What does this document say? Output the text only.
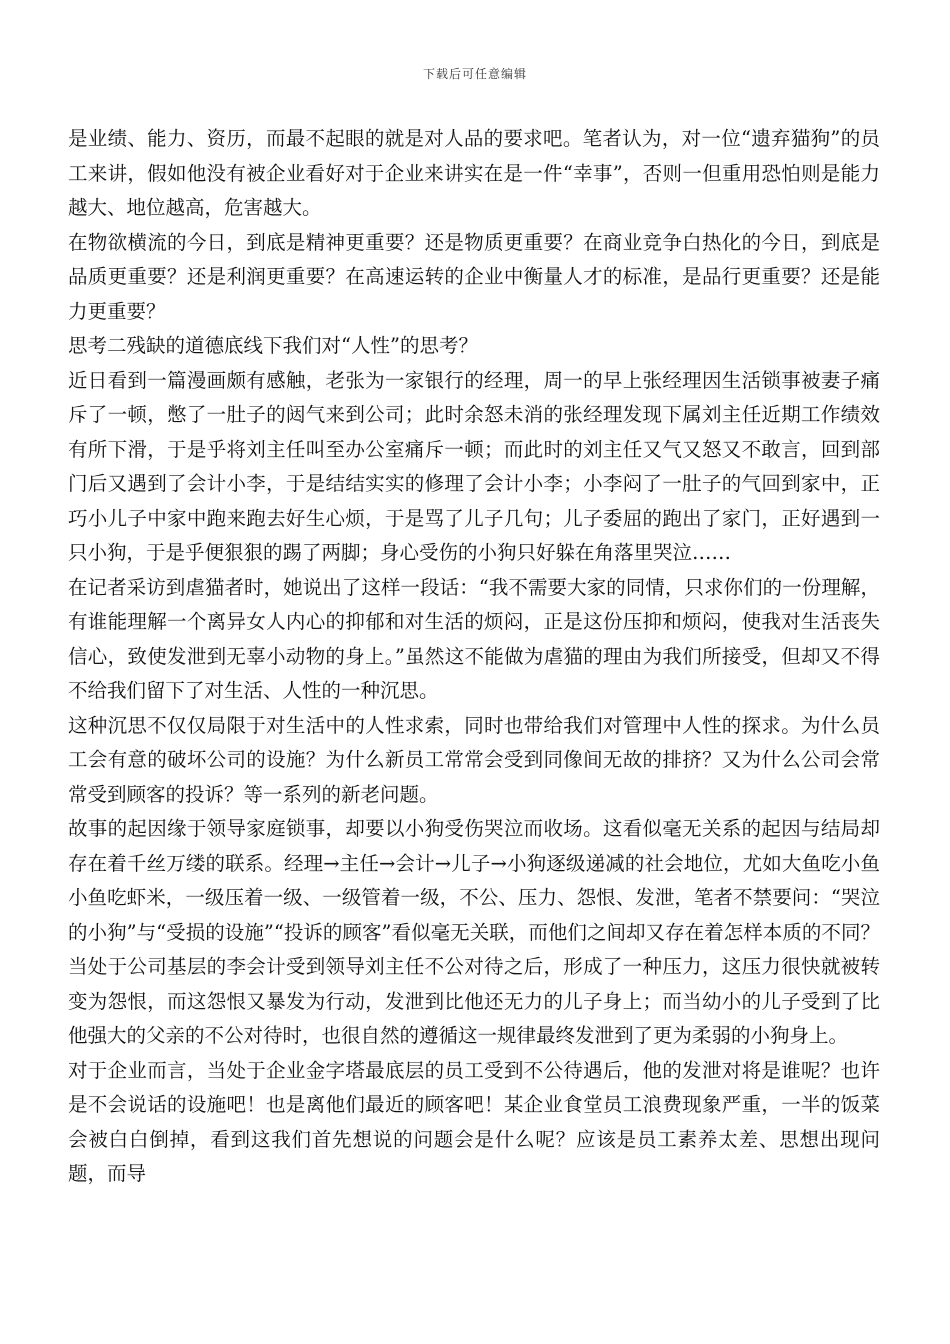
下载后可任意编辑

是业绩、能力、资历，而最不起眼的就是对人品的要求吧。笔者认为，对一位“遗弃猫狗”的员工来讲，假如他没有被企业看好对于企业来讲实在是一件“幸事”，否则一但重用恐怕则是能力越大、地位越高，危害越大。

在物欲横流的今日，到底是精神更重要？还是物质更重要？在商业竞争白热化的今日，到底是品质更重要？还是利润更重要？在高速运转的企业中衡量人才的标准，是品行更重要？还是能力更重要？

思考二残缺的道德底线下我们对“人性”的思考？

近日看到一篇漫画颇有感触，老张为一家银行的经理，周一的早上张经理因生活锁事被妻子痛斥了一顿，憋了一肚子的闼气来到公司；此时余怒未消的张经理发现下属刘主任近期工作绩效有所下滑，于是乎将刘主任叫至办公室痛斥一顿；而此时的刘主任又气又怒又不敢言，回到部门后又遇到了会计小李，于是结结实实的修理了会计小李；小李闷了一肚子的气回到家中，正巧小儿子中家中跑来跑去好生心烦，于是骂了儿子几句；儿子委屈的跑出了家门，正好遇到一只小狗，于是乎便狠狠的踢了两脚；身心受伤的小狗只好躲在角落里哭泣……

在记者采访到虐猫者时，她说出了这样一段话：“我不需要大家的同情，只求你们的一份理解，有谁能理解一个离异女人内心的抑郁和对生活的烦闷，正是这份压抑和烦闷，使我对生活丧失信心，致使发泄到无辜小动物的身上。”虽然这不能做为虐猫的理由为我们所接受，但却又不得不给我们留下了对生活、人性的一种沉思。

这种沉思不仅仅局限于对生活中的人性求索，同时也带给我们对管理中人性的探求。为什么员工会有意的破坏公司的设施？为什么新员工常常会受到同像间无故的排挤？又为什么公司会常常受到顾客的投诉？等一系列的新老问题。

故事的起因缘于领导家庭锁事，却要以小狗受伤哭泣而收场。这看似毫无关系的起因与结局却存在着千丝万缕的联系。经理→主任→会计→儿子→小狗逐级递减的社会地位，尤如大鱼吃小鱼小鱼吃虾米，一级压着一级、一级管着一级，不公、压力、怨恨、发泄，笔者不禁要问：“哭泣的小狗”与“受损的设施”“投诉的顾客”看似毫无关联，而他们之间却又存在着怎样本质的不同？当处于公司基层的李会计受到领导刘主任不公对待之后，形成了一种压力，这压力很快就被转变为怨恨，而这怨恨又暴发为行动，发泄到比他还无力的儿子身上；而当幼小的儿子受到了比他强大的父亲的不公对待时，也很自然的遵循这一规律最终发泄到了更为柔弱的小狗身上。

对于企业而言，当处于企业金字塔最底层的员工受到不公待遇后，他的发泄对将是谁呢？也许是不会说话的设施吧！也是离他们最近的顾客吧！某企业食堂员工浪费现象严重，一半的饭菜会被白白倒掉，看到这我们首先想说的问题会是什么呢？应该是员工素养太差、思想出现问题，而导
